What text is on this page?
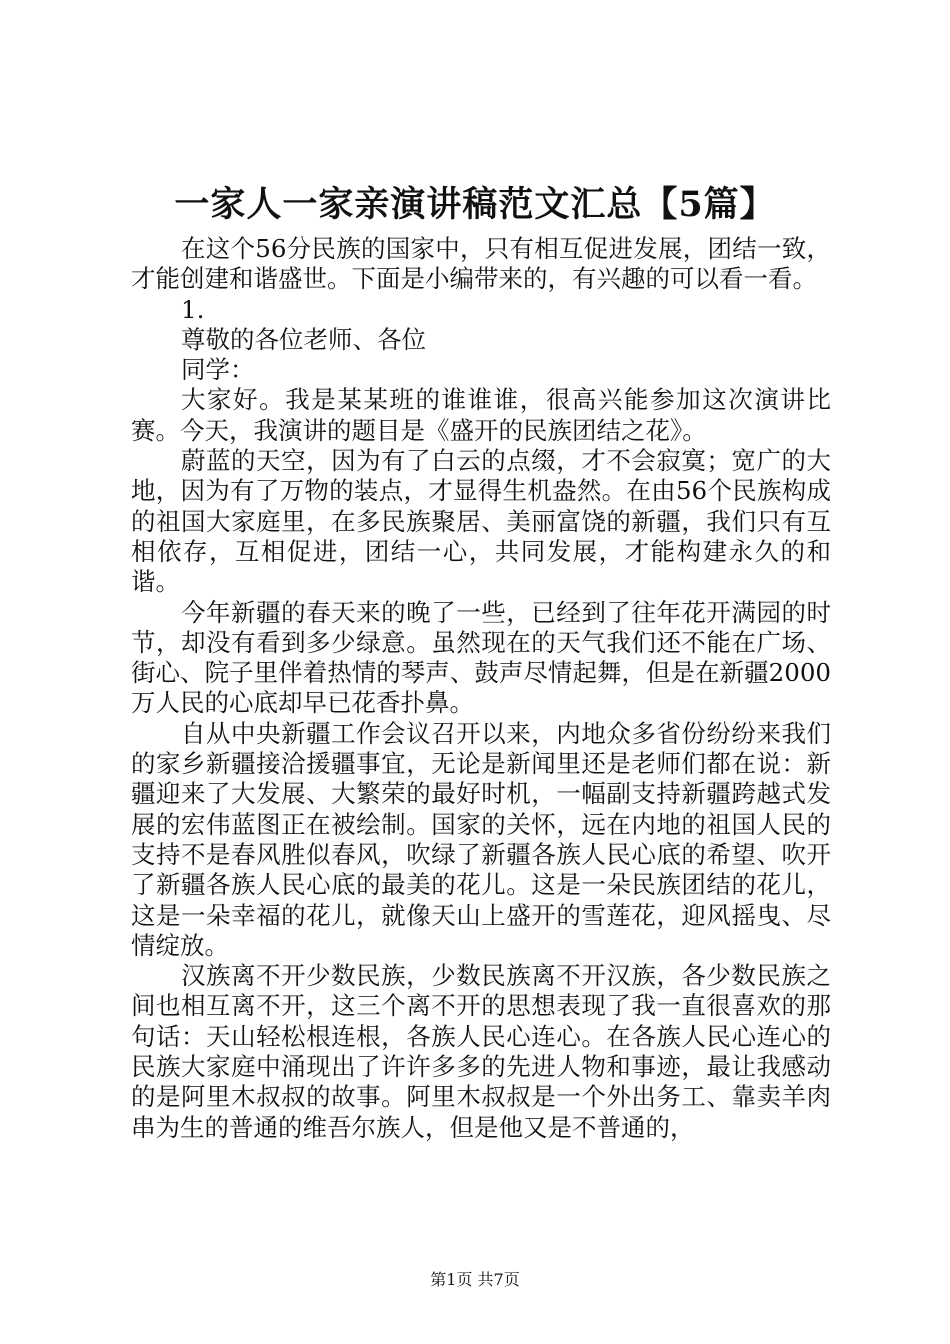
一家人一家亲演讲稿范文汇总【5篇】

在这个56分民族的国家中，只有相互促进发展，团结一致，才能创建和谐盛世。下面是小编带来的，有兴趣的可以看一看。

1.

尊敬的各位老师、各位

同学：

大家好。我是某某班的谁谁谁，很高兴能参加这次演讲比赛。今天，我演讲的题目是《盛开的民族团结之花》。

蔚蓝的天空，因为有了白云的点缀，才不会寂寞；宽广的大地，因为有了万物的装点，才显得生机盎然。在由56个民族构成的祖国大家庭里，在多民族聚居、美丽富饶的新疆，我们只有互相依存，互相促进，团结一心，共同发展，才能构建永久的和谐。

今年新疆的春天来的晚了一些，已经到了往年花开满园的时节，却没有看到多少绿意。虽然现在的天气我们还不能在广场、街心、院子里伴着热情的琴声、鼓声尽情起舞，但是在新疆2000万人民的心底却早已花香扑鼻。

自从中央新疆工作会议召开以来，内地众多省份纷纷来我们的家乡新疆接洽援疆事宜，无论是新闻里还是老师们都在说：新疆迎来了大发展、大繁荣的最好时机，一幅副支持新疆跨越式发展的宏伟蓝图正在被绘制。国家的关怀，远在内地的祖国人民的支持不是春风胜似春风，吹绿了新疆各族人民心底的希望、吹开了新疆各族人民心底的最美的花儿。这是一朵民族团结的花儿，这是一朵幸福的花儿，就像天山上盛开的雪莲花，迎风摇曳、尽情绽放。

汉族离不开少数民族，少数民族离不开汉族，各少数民族之间也相互离不开，这三个离不开的思想表现了我一直很喜欢的那句话：天山轻松根连根，各族人民心连心。在各族人民心连心的民族大家庭中涌现出了许许多多的先进人物和事迹，最让我感动的是阿里木叔叔的故事。阿里木叔叔是一个外出务工、靠卖羊肉串为生的普通的维吾尔族人，但是他又是不普通的，

第1页 共7页
